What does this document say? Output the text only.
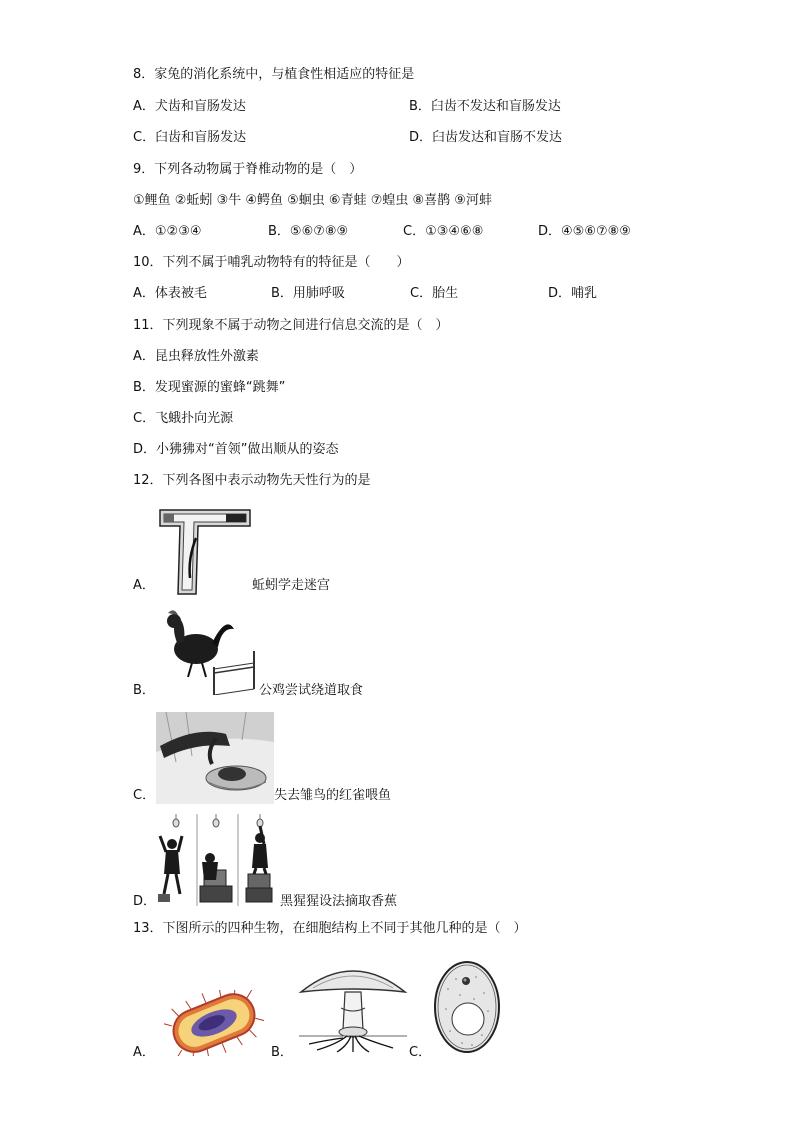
8．家兔的消化系统中，与植食性相适应的特征是
A．犬齿和盲肠发达	B．臼齿不发达和盲肠发达
C．臼齿和盲肠发达	D．臼齿发达和盲肠不发达
9．下列各动物属于脊椎动物的是（　）
①鲤鱼 ②蚯蚓 ③牛 ④鳄鱼 ⑤蛔虫 ⑥青蛙 ⑦蝗虫 ⑧喜鹊 ⑨河蚌
A．①②③④	B．⑤⑥⑦⑧⑨	C．①③④⑥⑧	D．④⑤⑥⑦⑧⑨
10．下列不属于哺乳动物特有的特征是（　　）
A．体表被毛	B．用肺呼吸	C．胎生	D．哺乳
11．下列现象不属于动物之间进行信息交流的是（　）
A．昆虫释放性外激素
B．发现蜜源的蜜蜂“跳舞”
C．飞蛾扑向光源
D．小狒狒对“首领”做出顺从的姿态
12．下列各图中表示动物先天性行为的是
A．	蚯蚓学走迷宫
B．	公鸡尝试绕道取食
C．	失去雏鸟的红雀喂鱼
D．	黑猩猩设法摘取香蕉
13．下图所示的四种生物，在细胞结构上不同于其他几种的是（　）
A．	B．	C．
